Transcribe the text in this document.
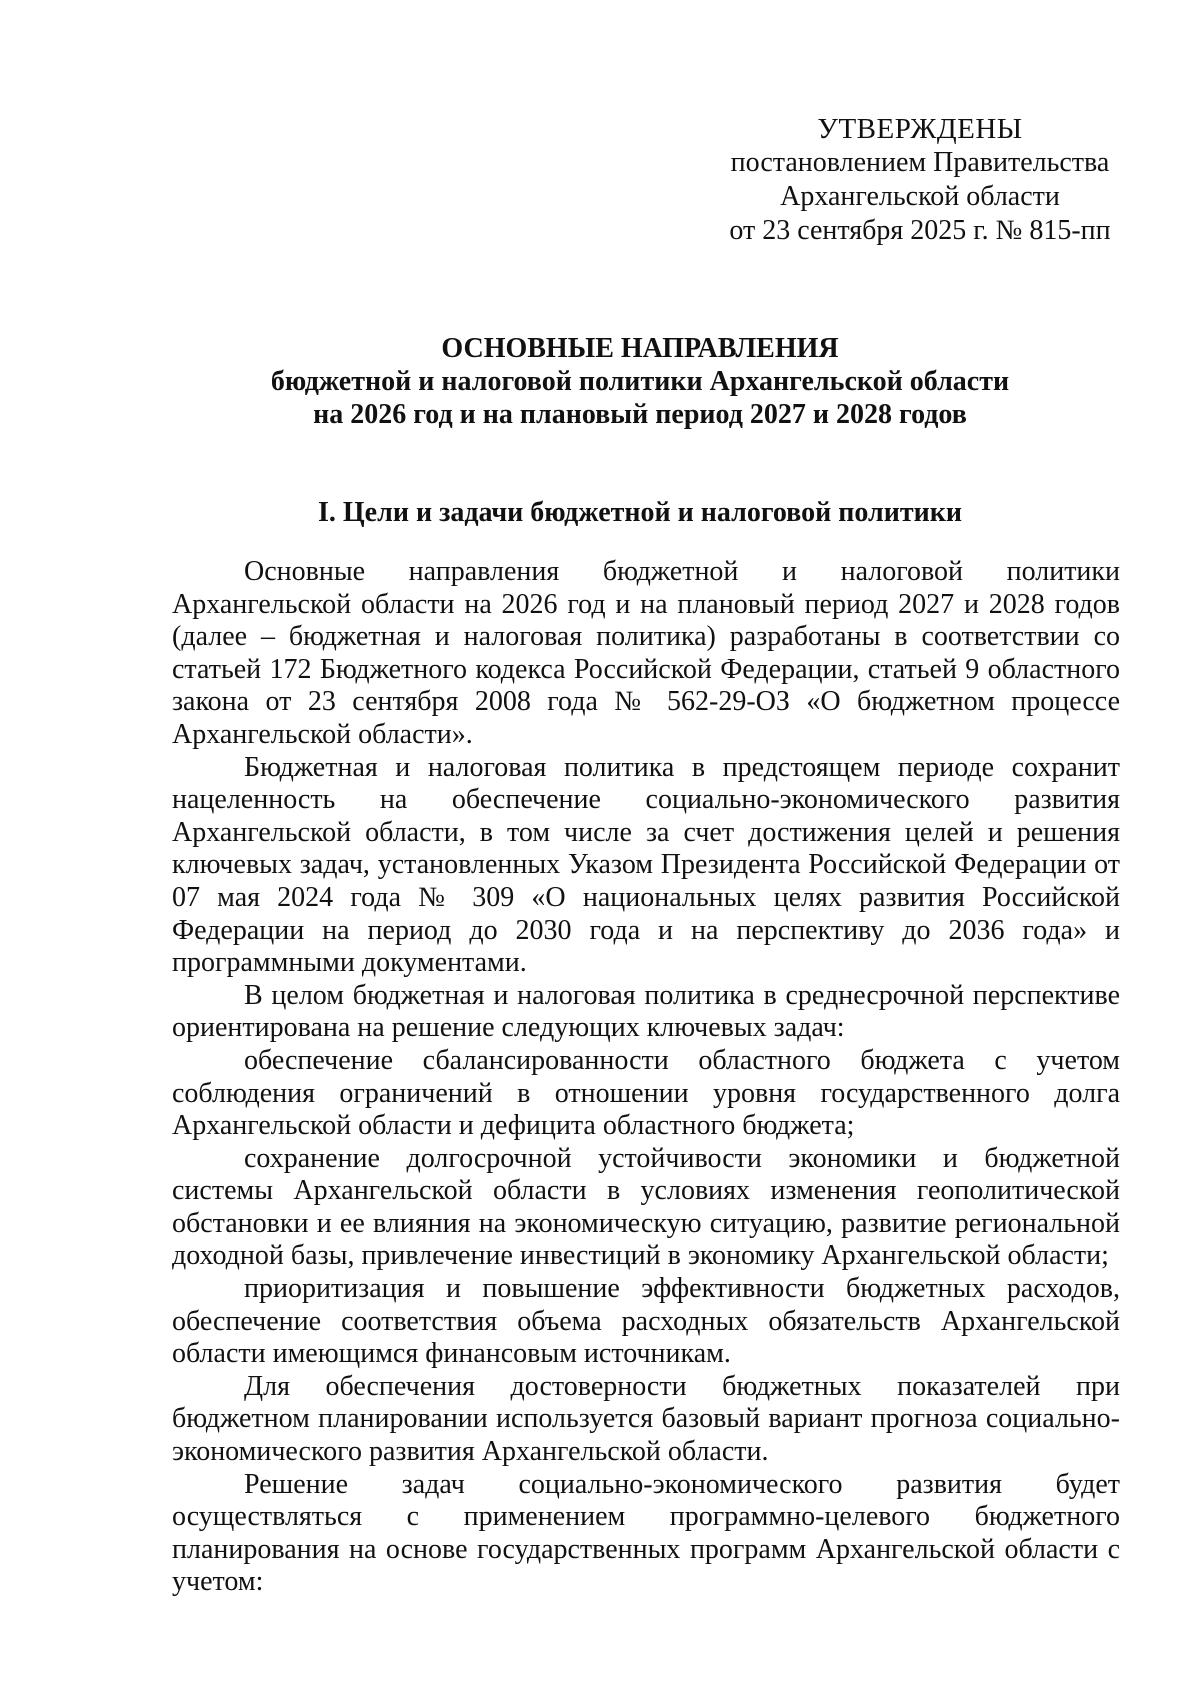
УТВЕРЖДЕНЫ
постановлением Правительства
Архангельской области
от 23 сентября 2025 г. № 815-пп
ОСНОВНЫЕ НАПРАВЛЕНИЯ
бюджетной и налоговой политики Архангельской области
на 2026 год и на плановый период 2027 и 2028 годов
I. Цели и задачи бюджетной и налоговой политики

Основные направления бюджетной и налоговой политики Архангельской области на 2026 год и на плановый период 2027 и 2028 годов (далее – бюджетная и налоговая политика) разработаны в соответствии со статьей 172 Бюджетного кодекса Российской Федерации, статьей 9 областного закона от 23 сентября 2008 года № 562-29-ОЗ «О бюджетном процессе Архангельской области».

Бюджетная и налоговая политика в предстоящем периоде сохранит нацеленность на обеспечение социально-экономического развития Архангельской области, в том числе за счет достижения целей и решения ключевых задач, установленных Указом Президента Российской Федерации от 07 мая 2024 года № 309 «О национальных целях развития Российской Федерации на период до 2030 года и на перспективу до 2036 года» и программными документами.

В целом бюджетная и налоговая политика в среднесрочной перспективе ориентирована на решение следующих ключевых задач:

обеспечение сбалансированности областного бюджета с учетом соблюдения ограничений в отношении уровня государственного долга Архангельской области и дефицита областного бюджета;

сохранение долгосрочной устойчивости экономики и бюджетной системы Архангельской области в условиях изменения геополитической обстановки и ее влияния на экономическую ситуацию, развитие региональной доходной базы, привлечение инвестиций в экономику Архангельской области;

приоритизация и повышение эффективности бюджетных расходов, обеспечение соответствия объема расходных обязательств Архангельской области имеющимся финансовым источникам.

Для обеспечения достоверности бюджетных показателей при бюджетном планировании используется базовый вариант прогноза социально-экономического развития Архангельской области.

Решение задач социально-экономического развития будет осуществляться с применением программно-целевого бюджетного планирования на основе государственных программ Архангельской области с учетом:
